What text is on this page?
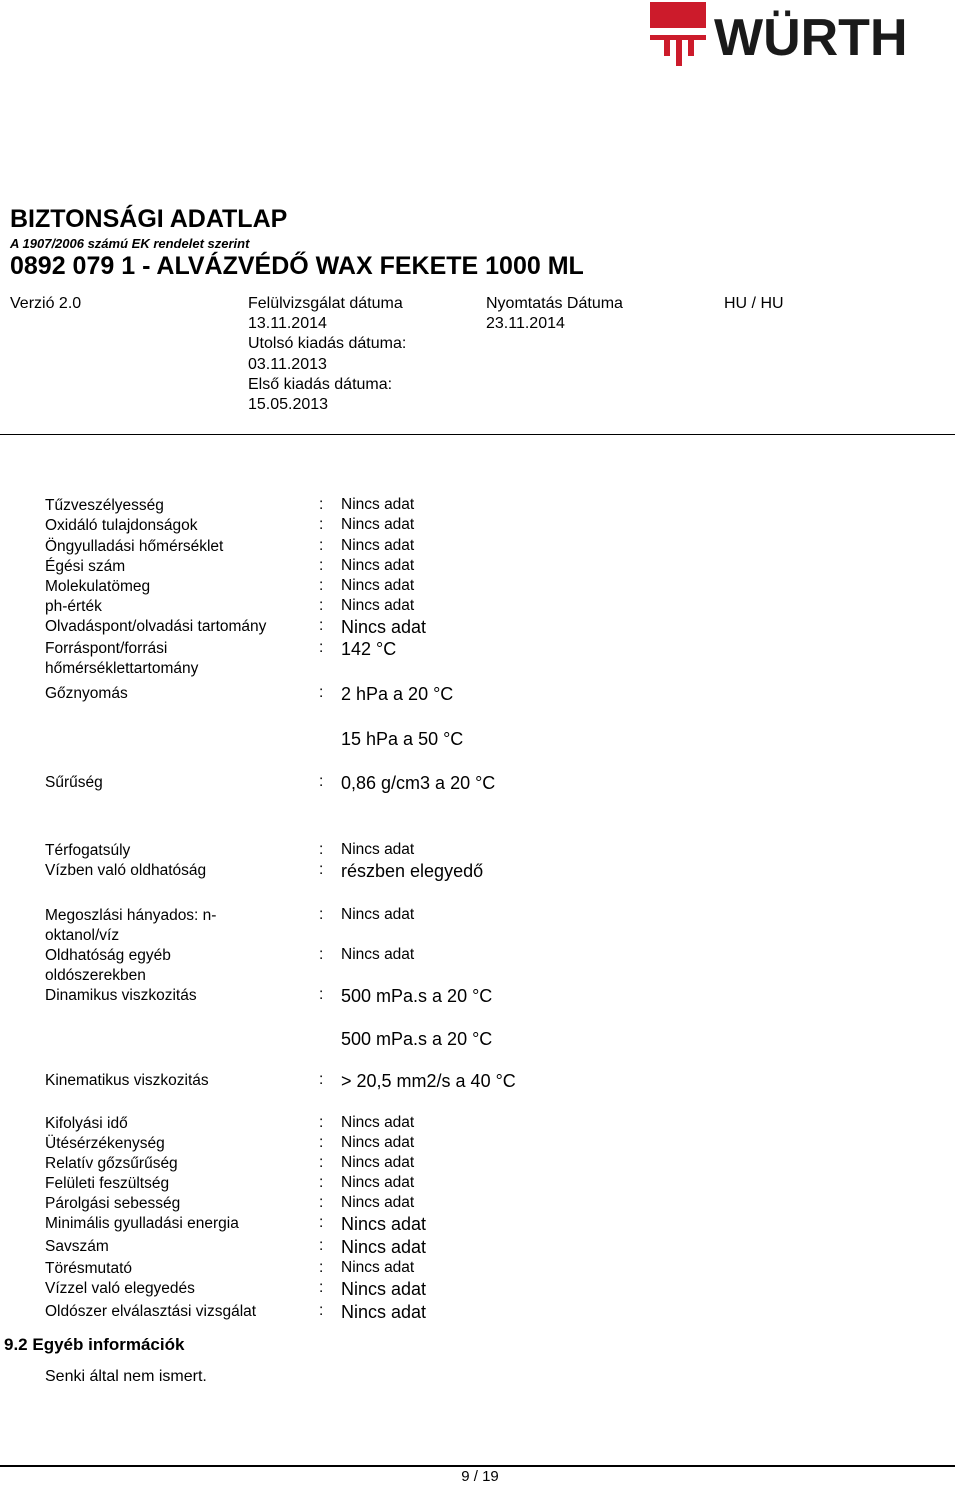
WÜRTH
BIZTONSÁGI ADATLAP
A 1907/2006 számú EK rendelet szerint
0892 079 1 - ALVÁZVÉDŐ WAX FEKETE 1000 ML
Verzió 2.0	Felülvizsgálat dátuma
13.11.2014
Utolsó kiadás dátuma:
03.11.2013
Első kiadás dátuma:
15.05.2013
Nyomtatás Dátuma
23.11.2014
HU / HU
Tűzveszélyesség	: Nincs adat
Oxidáló tulajdonságok	: Nincs adat
Öngyulladási hőmérséklet	: Nincs adat
Égési szám	: Nincs adat
Molekulatömeg	: Nincs adat
ph-érték	: Nincs adat
Olvadáspont/olvadási tartomány	: Nincs adat
Forráspont/forrási
hőmérséklettartomány
: 142 °C
Gőznyomás	: 2 hPa a 20 °C
15 hPa a 50 °C
Sűrűség	: 0,86 g/cm3 a 20 °C
Térfogatsúly	: Nincs adat
Vízben való oldhatóság	: részben elegyedő
Megoszlási hányados: n-
oktanol/víz
: Nincs adat
Oldhatóság egyéb
oldószerekben
: Nincs adat
Dinamikus viszkozitás	: 500 mPa.s a 20 °C
500 mPa.s a 20 °C
Kinematikus viszkozitás	: > 20,5 mm2/s a 40 °C
Kifolyási idő	: Nincs adat
Ütésérzékenység	: Nincs adat
Relatív gőzsűrűség	: Nincs adat
Felületi feszültség	: Nincs adat
Párolgási sebesség	: Nincs adat
Minimális gyulladási energia	: Nincs adat
Savszám	: Nincs adat
Törésmutató	: Nincs adat
Vízzel való elegyedés	: Nincs adat
Oldószer elválasztási vizsgálat	: Nincs adat
9.2 Egyéb információk
Senki által nem ismert.
9 / 19
